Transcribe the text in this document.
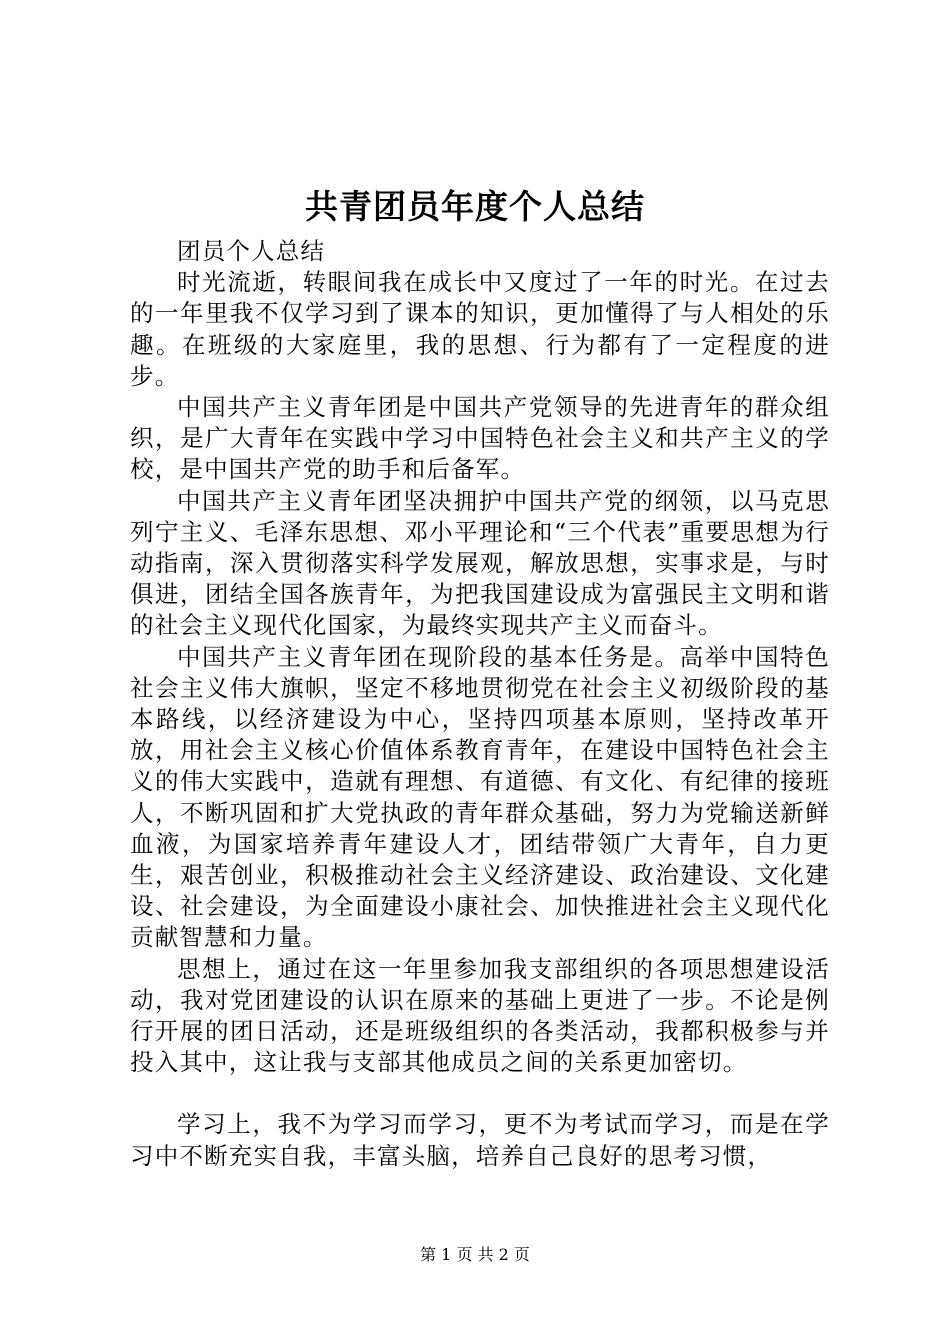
共青团员年度个人总结

团员个人总结

时光流逝，转眼间我在成长中又度过了一年的时光。在过去的一年里我不仅学习到了课本的知识，更加懂得了与人相处的乐趣。在班级的大家庭里，我的思想、行为都有了一定程度的进步。

中国共产主义青年团是中国共产党领导的先进青年的群众组织，是广大青年在实践中学习中国特色社会主义和共产主义的学校，是中国共产党的助手和后备军。

中国共产主义青年团坚决拥护中国共产党的纲领，以马克思列宁主义、毛泽东思想、邓小平理论和“三个代表”重要思想为行动指南，深入贯彻落实科学发展观，解放思想，实事求是，与时俱进，团结全国各族青年，为把我国建设成为富强民主文明和谐的社会主义现代化国家，为最终实现共产主义而奋斗。

中国共产主义青年团在现阶段的基本任务是。高举中国特色社会主义伟大旗帜，坚定不移地贯彻党在社会主义初级阶段的基本路线，以经济建设为中心，坚持四项基本原则，坚持改革开放，用社会主义核心价值体系教育青年，在建设中国特色社会主义的伟大实践中，造就有理想、有道德、有文化、有纪律的接班人，不断巩固和扩大党执政的青年群众基础，努力为党输送新鲜血液，为国家培养青年建设人才，团结带领广大青年，自力更生，艰苦创业，积极推动社会主义经济建设、政治建设、文化建设、社会建设，为全面建设小康社会、加快推进社会主义现代化贡献智慧和力量。

思想上，通过在这一年里参加我支部组织的各项思想建设活动，我对党团建设的认识在原来的基础上更进了一步。不论是例行开展的团日活动，还是班级组织的各类活动，我都积极参与并投入其中，这让我与支部其他成员之间的关系更加密切。

学习上，我不为学习而学习，更不为考试而学习，而是在学习中不断充实自我，丰富头脑，培养自己良好的思考习惯，

第 1 页 共 2 页
